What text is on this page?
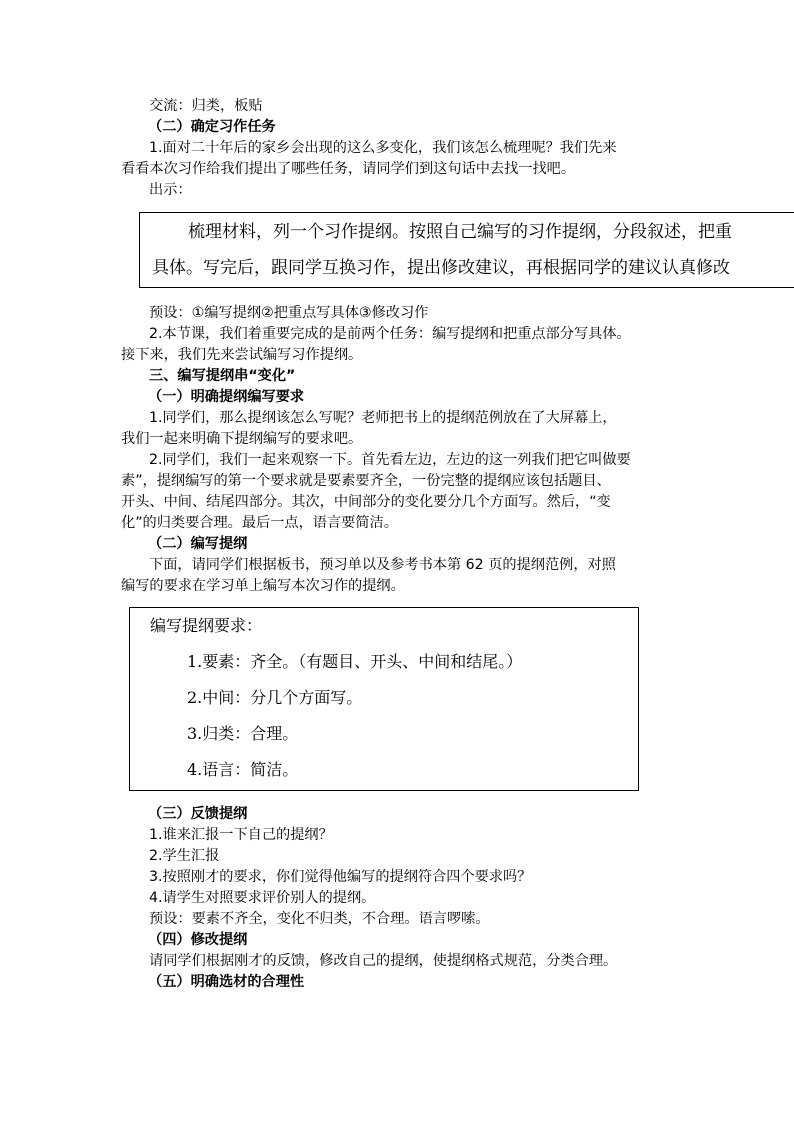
交流：归类，板贴
（二）确定习作任务
1.面对二十年后的家乡会出现的这么多变化，我们该怎么梳理呢？我们先来
看看本次习作给我们提出了哪些任务，请同学们到这句话中去找一找吧。
出示：
梳理材料，列一个习作提纲。按照自己编写的习作提纲，分段叙述，把重
具体。写完后，跟同学互换习作，提出修改建议，再根据同学的建议认真修改
预设：①编写提纲②把重点写具体③修改习作
2.本节课，我们着重要完成的是前两个任务：编写提纲和把重点部分写具体。
接下来，我们先来尝试编写习作提纲。
三、编写提纲串“变化”
（一）明确提纲编写要求
1.同学们，那么提纲该怎么写呢？老师把书上的提纲范例放在了大屏幕上，
我们一起来明确下提纲编写的要求吧。
2.同学们，我们一起来观察一下。首先看左边，左边的这一列我们把它叫做要
素”，提纲编写的第一个要求就是要素要齐全，一份完整的提纲应该包括题目、
开头、中间、结尾四部分。其次，中间部分的变化要分几个方面写。然后，“变
化”的归类要合理。最后一点，语言要简洁。
（二）编写提纲
下面，请同学们根据板书，预习单以及参考书本第 62 页的提纲范例，对照
编写的要求在学习单上编写本次习作的提纲。
编写提纲要求：
1.要素：齐全。（有题目、开头、中间和结尾。）
2.中间：分几个方面写。
3.归类：合理。
4.语言：简洁。
（三）反馈提纲
1.谁来汇报一下自己的提纲？
2.学生汇报
3.按照刚才的要求，你们觉得他编写的提纲符合四个要求吗？
4.请学生对照要求评价别人的提纲。
预设：要素不齐全，变化不归类，不合理。语言啰嗦。
（四）修改提纲
请同学们根据刚才的反馈，修改自己的提纲，使提纲格式规范，分类合理。
（五）明确选材的合理性
